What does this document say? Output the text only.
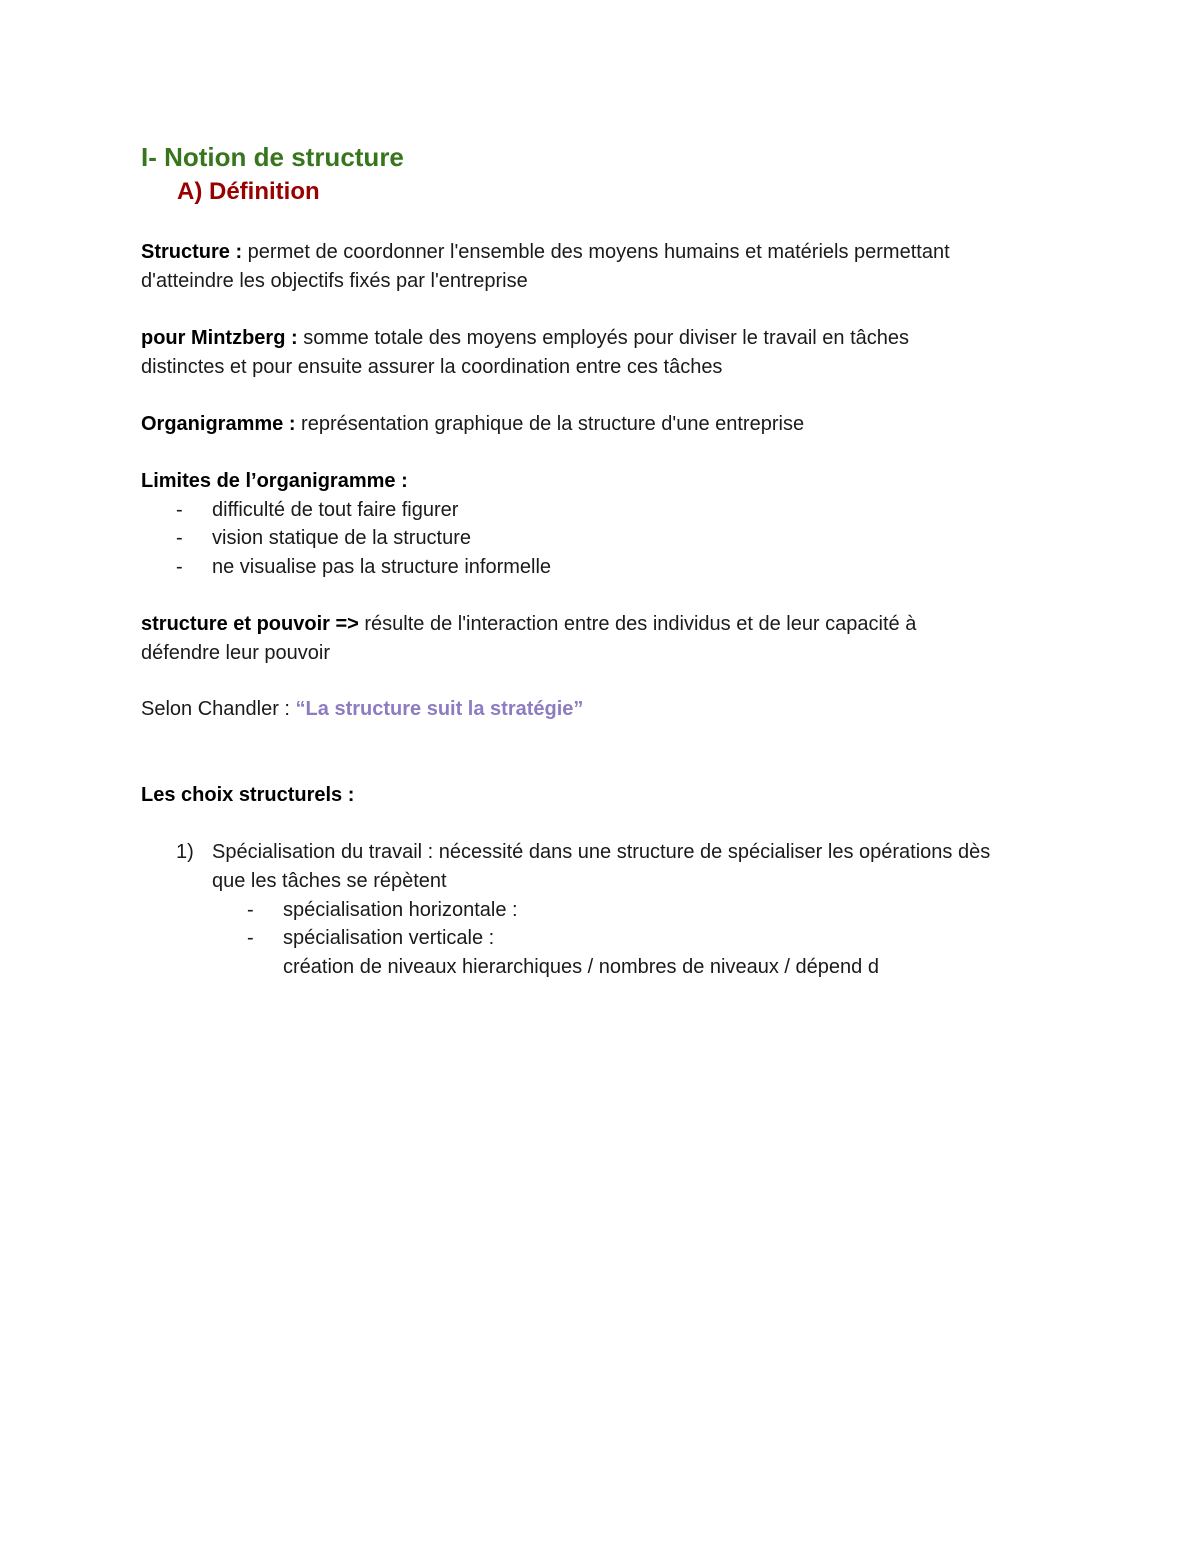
I- Notion de structure
A) Définition
Structure : permet de coordonner l'ensemble des moyens humains et matériels permettant
d'atteindre les objectifs fixés par l'entreprise
pour Mintzberg : somme totale des moyens employés pour diviser le travail en tâches
distinctes et pour ensuite assurer la coordination entre ces tâches
Organigramme : représentation graphique de la structure d'une entreprise
Limites de l’organigramme :
- difficulté de tout faire figurer
- vision statique de la structure
- ne visualise pas la structure informelle
structure et pouvoir => résulte de l'interaction entre des individus et de leur capacité à
défendre leur pouvoir
Selon Chandler : “La structure suit la stratégie”
Les choix structurels :
1) Spécialisation du travail : nécessité dans une structure de spécialiser les opérations dès
que les tâches se répètent
- spécialisation horizontale :
- spécialisation verticale :
création de niveaux hierarchiques / nombres de niveaux / dépend d
